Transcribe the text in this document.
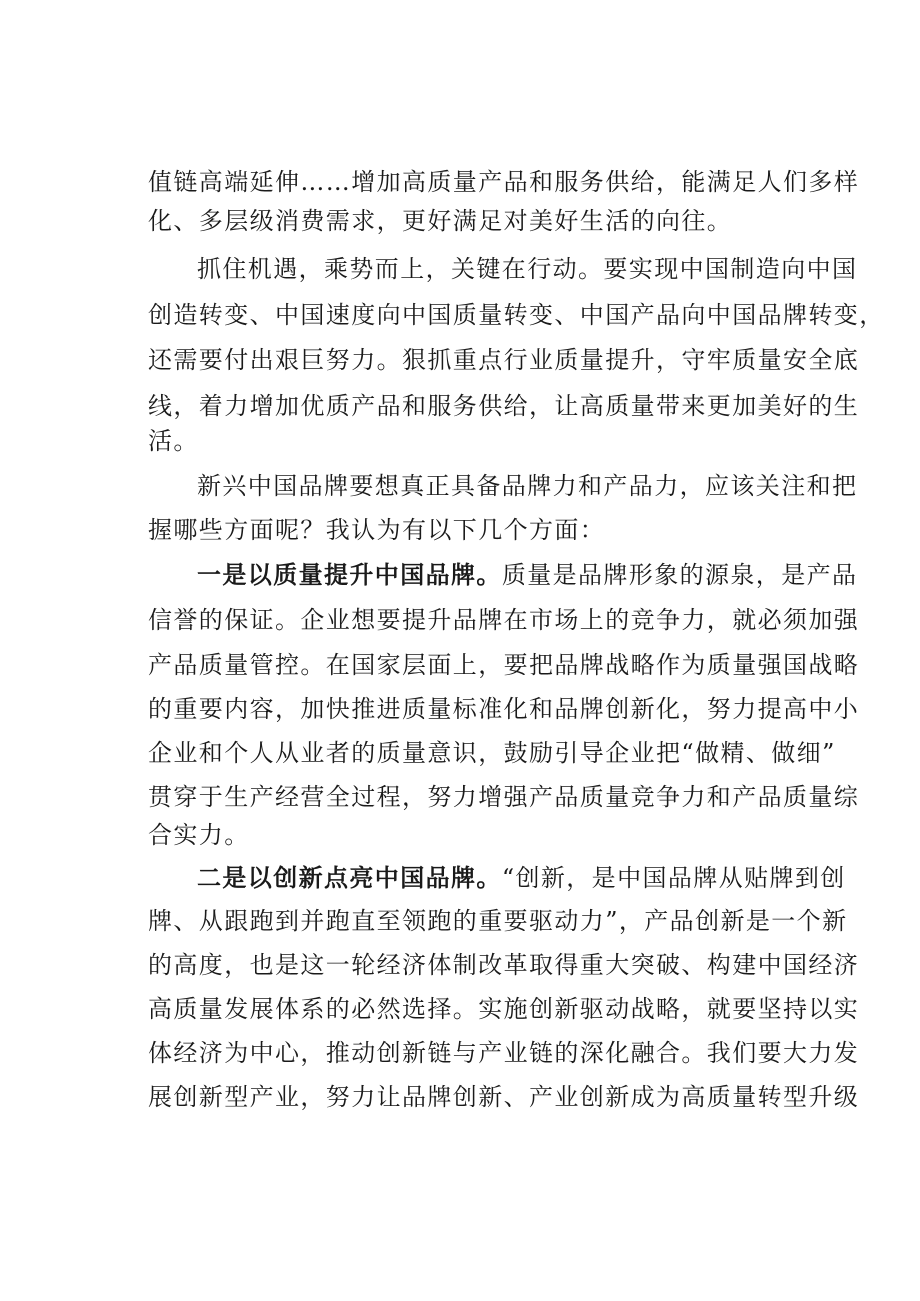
值链高端延伸……增加高质量产品和服务供给，能满足人们多样
化、多层级消费需求，更好满足对美好生活的向往。
抓住机遇，乘势而上，关键在行动。要实现中国制造向中国
创造转变、中国速度向中国质量转变、中国产品向中国品牌转变，
还需要付出艰巨努力。狠抓重点行业质量提升，守牢质量安全底
线，着力增加优质产品和服务供给，让高质量带来更加美好的生
活。
新兴中国品牌要想真正具备品牌力和产品力，应该关注和把
握哪些方面呢？我认为有以下几个方面：
一是以质量提升中国品牌。质量是品牌形象的源泉，是产品
信誉的保证。企业想要提升品牌在市场上的竞争力，就必须加强
产品质量管控。在国家层面上，要把品牌战略作为质量强国战略
的重要内容，加快推进质量标准化和品牌创新化，努力提高中小
企业和个人从业者的质量意识，鼓励引导企业把“做精、做细”
贯穿于生产经营全过程，努力增强产品质量竞争力和产品质量综
合实力。
二是以创新点亮中国品牌。“创新，是中国品牌从贴牌到创
牌、从跟跑到并跑直至领跑的重要驱动力”，产品创新是一个新
的高度，也是这一轮经济体制改革取得重大突破、构建中国经济
高质量发展体系的必然选择。实施创新驱动战略，就要坚持以实
体经济为中心，推动创新链与产业链的深化融合。我们要大力发
展创新型产业，努力让品牌创新、产业创新成为高质量转型升级
